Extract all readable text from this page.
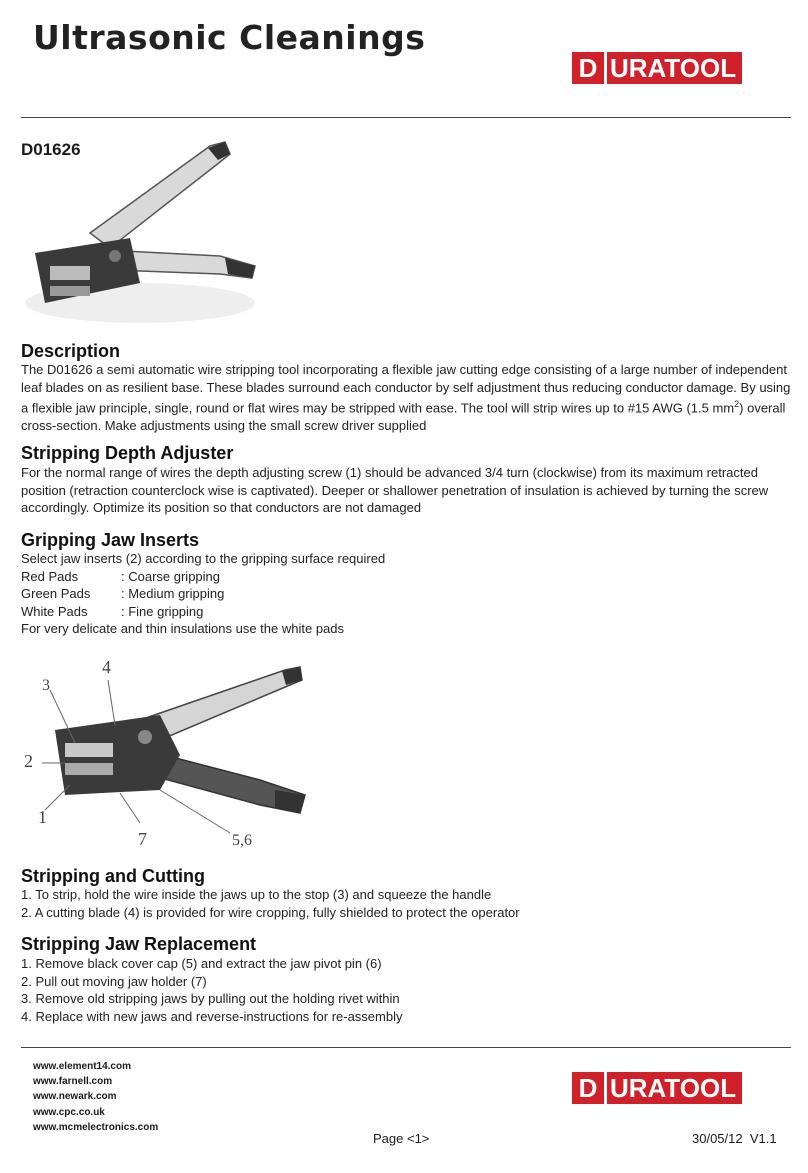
Ultrasonic Cleanings
D URATOOL
D01626
Description
The D01626 a semi automatic wire stripping tool incorporating a flexible jaw cutting edge consisting of a large number of independent leaf blades on as resilient base. These blades surround each conductor by self adjustment thus reducing conductor damage. By using a flexible jaw principle, single, round or flat wires may be stripped with ease. The tool will strip wires up to #15 AWG (1.5 $mm^2$) overall cross-section. Make adjustments using the small screw driver supplied
Stripping Depth Adjuster
For the normal range of wires the depth adjusting screw (1) should be advanced 3/4 turn (clockwise) from its maximum retracted position (retraction counterclock wise is captivated). Deeper or shallower penetration of insulation is achieved by turning the screw accordingly. Optimize its position so that conductors are not damaged
Gripping Jaw Inserts
Select jaw inserts (2) according to the gripping surface required
Red Pads	: Coarse gripping
Green Pads	: Medium gripping
White Pads	: Fine gripping
For very delicate and thin insulations use the white pads
3
4
2
1
7	5,6
Stripping and Cutting
1. To strip, hold the wire inside the jaws up to the stop (3) and squeeze the handle
2. A cutting blade (4) is provided for wire cropping, fully shielded to protect the operator
Stripping Jaw Replacement
1. Remove black cover cap (5) and extract the jaw pivot pin (6)
2. Pull out moving jaw holder (7)
3. Remove old stripping jaws by pulling out the holding rivet within
4. Replace with new jaws and reverse-instructions for re-assembly
www.element14.com
www.farnell.com
www.newark.com
www.cpc.co.uk
www.mcmelectronics.com
D URATOOL
Page <1>	30/05/12  V1.1
